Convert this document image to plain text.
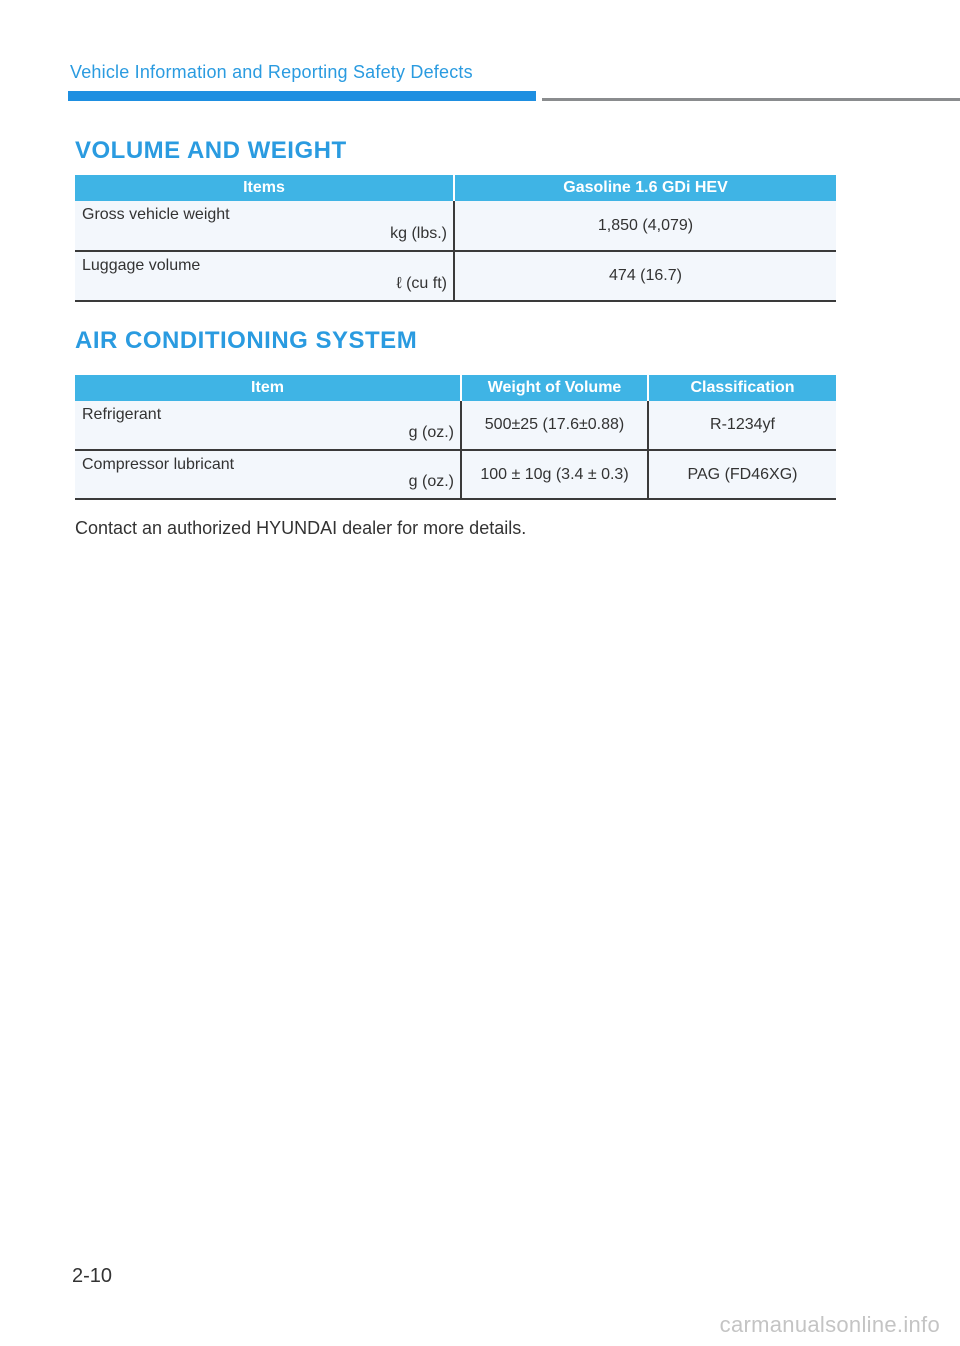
Vehicle Information and Reporting Safety Defects
VOLUME AND WEIGHT
Items	Gasoline 1.6 GDi HEV

Gross vehicle weight
kg (lbs.)	1,850 (4,079)

Luggage volume
ℓ (cu ft)	474 (16.7)
AIR CONDITIONING SYSTEM
Item	Weight of Volume	Classification

Refrigerant
g (oz.)	500±25 (17.6±0.88)	R-1234yf

Compressor lubricant
g (oz.)	100 ± 10g (3.4 ± 0.3)	PAG (FD46XG)
Contact an authorized HYUNDAI dealer for more details.
2-10
carmanualsonline.info
